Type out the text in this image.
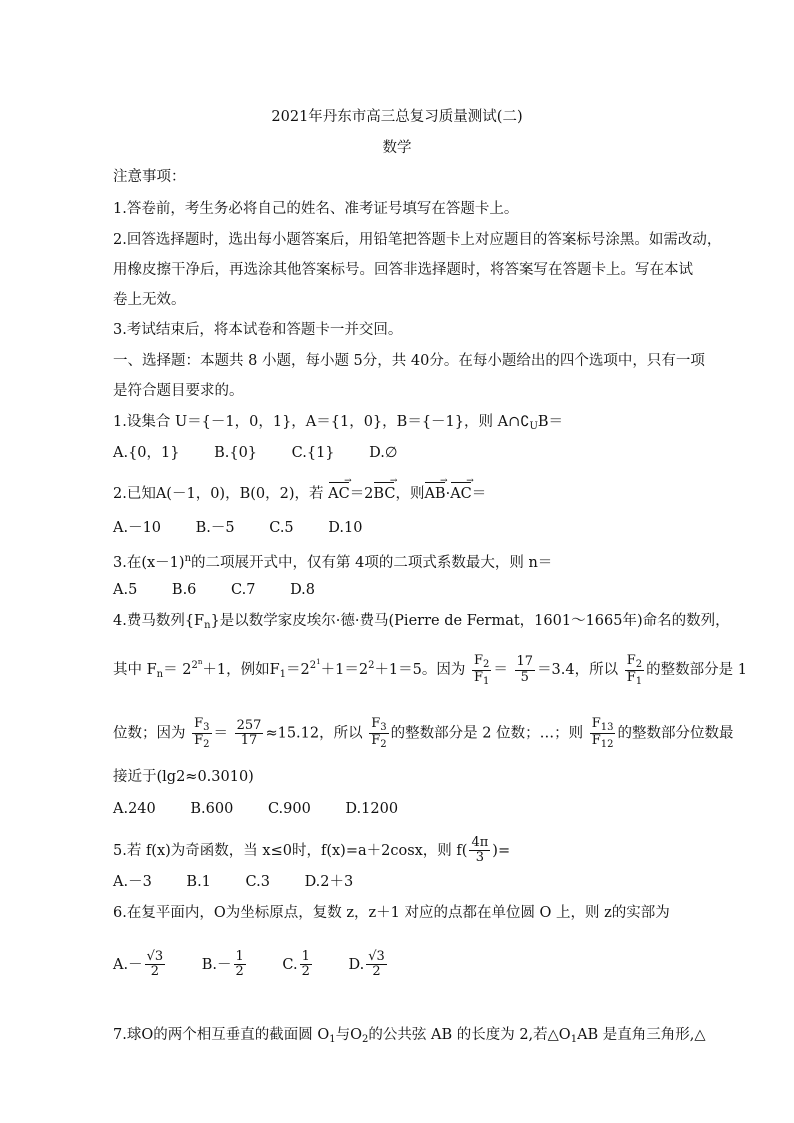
2021年丹东市高三总复习质量测试(二)
数学
注意事项：
1.答卷前，考生务必将自己的姓名、准考证号填写在答题卡上。
2.回答选择题时，选出每小题答案后，用铅笔把答题卡上对应题目的答案标号涂黑。如需改动，
用橡皮擦干净后，再选涂其他答案标号。回答非选择题时，将答案写在答题卡上。写在本试
卷上无效。
3.考试结束后，将本试卷和答题卡一并交回。
一、选择题：本题共 8 小题，每小题 5分，共 40分。在每小题给出的四个选项中，只有一项
是符合题目要求的。
1.设集合 U＝{－1，0，1}，A＝{1，0}，B＝{－1}，则 $A\cap∁_UB=$
A.{0，1} B.{0} C.{1} D.∅
2.已知A(－1，0)，B(0，2)，若 AC →＝2BC →，则AB →·AC →＝
A.－10 B.－5 C.5 D.10
3.在$(x-1)^n$的二项展开式中，仅有第 4项的二项式系数最大，则 n＝
A.5 B.6 C.7 D.8
4.费马数列$\{F_n\}$是以数学家皮埃尔·德·费马(Pierre de Fermat，1601～1665年)命名的数列，
其中 $F_n= 2^{2^n}+1$，例如$F_1=2^{2^1}+1=2^2+1=5$。因为 $\frac{F_2}{F_1} = \frac{17}{5} =3.4$，所以 $\frac{F_2}{F_1}$ 的整数部分是 1
位数；因为 $\frac{F_3}{F_2} = \frac{257}{17} \approx 15.12$，所以 $\frac{F_3}{F_2}$ 的整数部分是 2 位数；…；则 $\frac{F_{13}}{F_{12}}$ 的整数部分位数最
接近于(lg2≈0.3010)
A.240 B.600 C.900 D.1200
5.若 f(x)为奇函数，当 x≤0时，f(x)=a＋2cosx，则 $f( \frac{4\pi}{3}$ )=
A.－3 B.1 C.3 D.2＋3
6.在复平面内，O为坐标原点，复数 z，z＋1 对应的点都在单位圆 O 上，则 z的实部为
$A.- \frac{√3}{2}$	$B.- \frac{1}{2}$	C. $\frac{1}{2}$	D. $\frac{√3}{2}$
7.球O的两个相互垂直的截面圆 $O_1$与$O_2$的公共弦 AB 的长度为 2,若$\triangle O_1AB$ 是直角三角形,△
